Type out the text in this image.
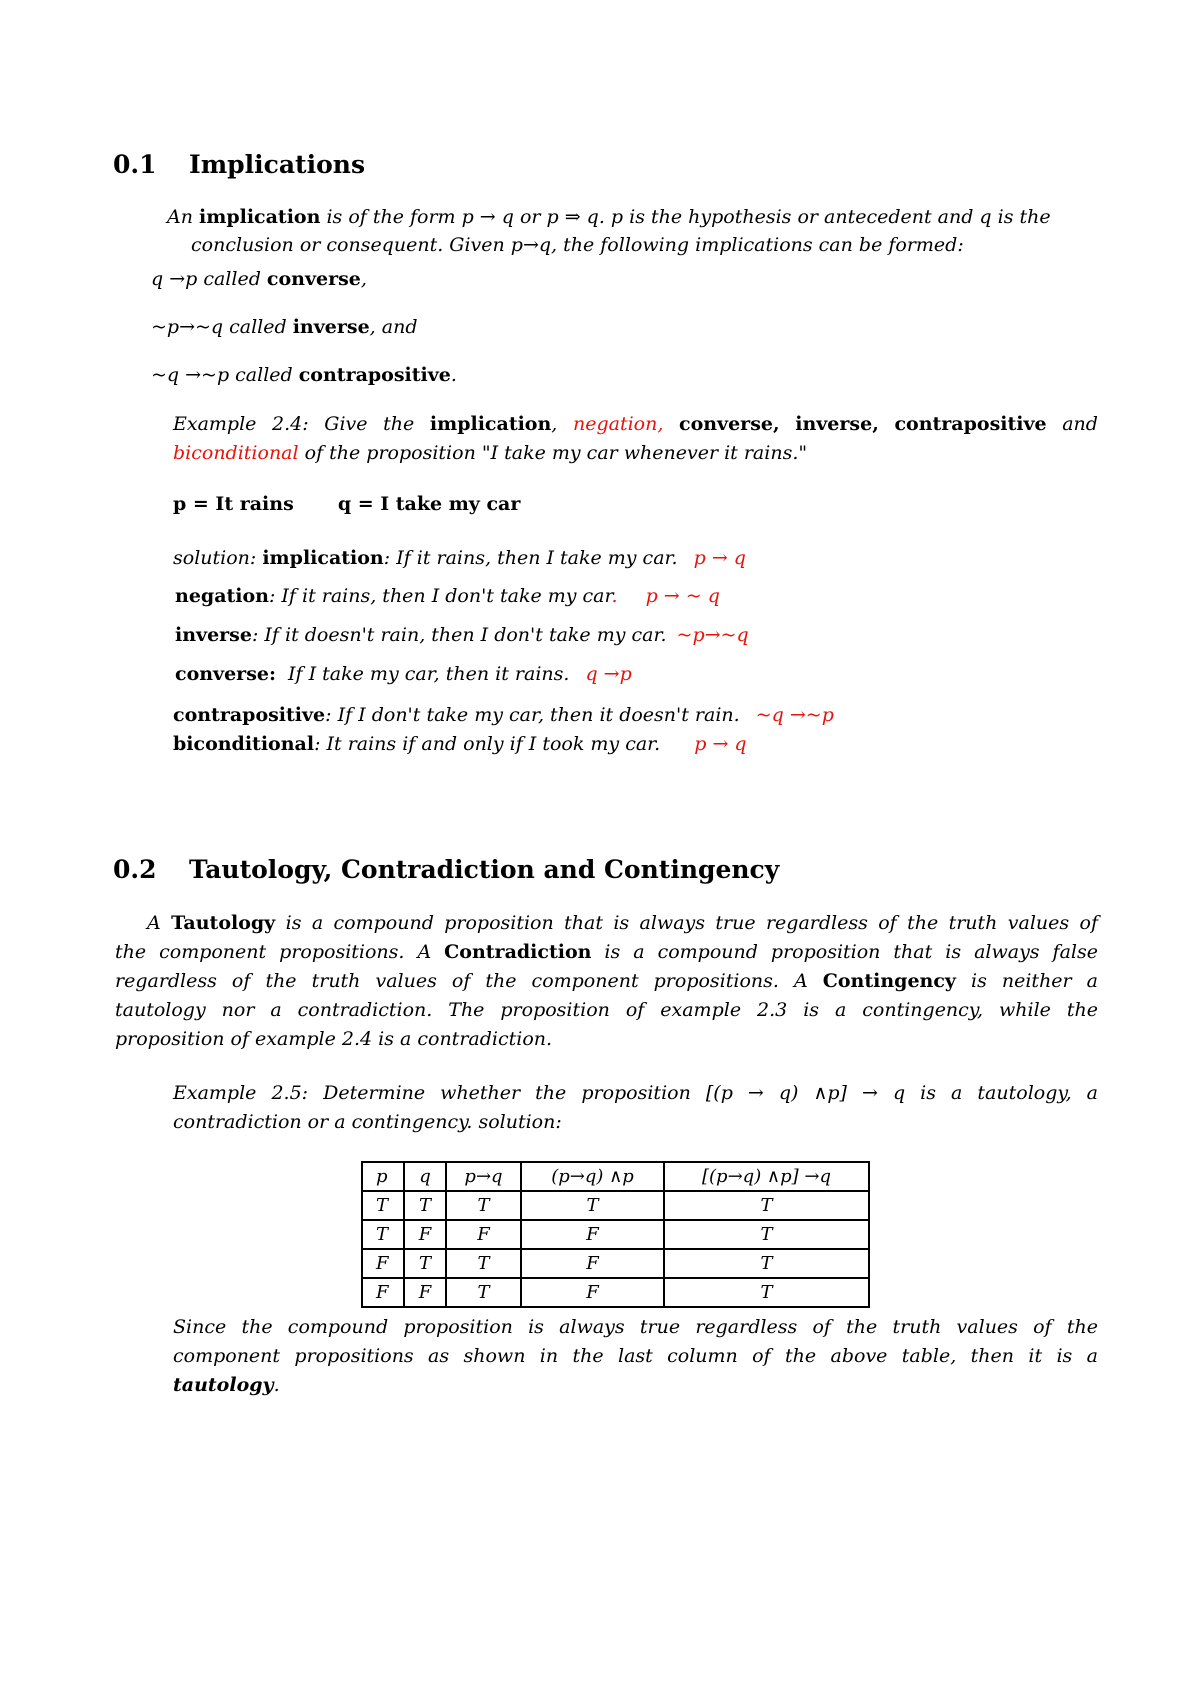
0.1 Implications
An implication is of the form p → q or p ⇒ q. p is the hypothesis or antecedent and q is the
conclusion or consequent. Given p→q, the following implications can be formed:
q →p called converse,
~p→~q called inverse, and
~q →~p called contrapositive.
Example 2.4: Give the implication, negation, converse, inverse, contrapositive and
biconditional of the proposition "I take my car whenever it rains."
p = It rains q = I take my car
solution: implication: If it rains, then I take my car. p → q
negation: If it rains, then I don't take my car. p → ~ q
inverse: If it doesn't rain, then I don't take my car. ~p→~q
converse: If I take my car, then it rains. q →p
contrapositive: If I don't take my car, then it doesn't rain. ~q →~p
biconditional: It rains if and only if I took my car. p → q
0.2 Tautology, Contradiction and Contingency
A Tautology is a compound proposition that is always true regardless of the truth values of
the component propositions. A Contradiction is a compound proposition that is always false
regardless of the truth values of the component propositions. A Contingency is neither a
tautology nor a contradiction. The proposition of example 2.3 is a contingency, while the
proposition of example 2.4 is a contradiction.
Example 2.5: Determine whether the proposition [(p → q) ∧p] → q is a tautology, a
contradiction or a contingency. solution:
p	q	p→q	(p→q) ∧p	[(p→q) ∧p] →q
T	T	T	T	T
T	F	F	F	T
F	T	T	F	T
F	F	T	F	T
Since the compound proposition is always true regardless of the truth values of the
component propositions as shown in the last column of the above table, then it is a
tautology.
